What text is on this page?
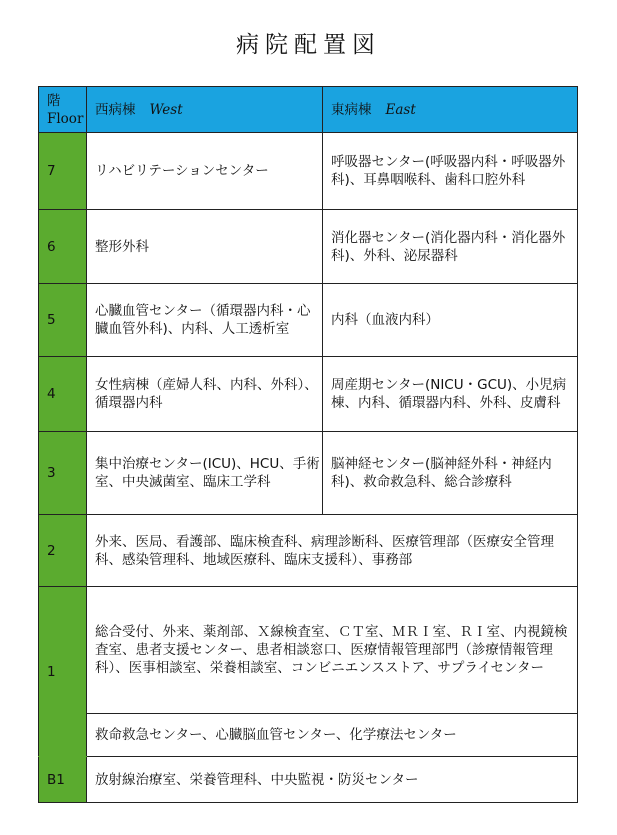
病院配置図
階
Floor	西病棟 West	東病棟 East
7	リハビリテーションセンター	呼吸器センター(呼吸器内科・呼吸器外科)、耳鼻咽喉科、歯科口腔外科
6	整形外科	消化器センター(消化器内科・消化器外科)、外科、泌尿器科
5	心臓血管センター（循環器内科・心臓血管外科)、内科、人工透析室	内科（血液内科）
4	女性病棟（産婦人科、内科、外科）、循環器内科	周産期センター(NICU・GCU)、小児病棟、内科、循環器内科、外科、皮膚科
3	集中治療センター(ICU)、HCU、手術室、中央滅菌室、臨床工学科	脳神経センター(脳神経外科・神経内科)、救命救急科、総合診療科
2	外来、医局、看護部、臨床検査科、病理診断科、医療管理部（医療安全管理科、感染管理科、地域医療科、臨床支援科）、事務部	
1	総合受付、外来、薬剤部、Ｘ線検査室、ＣＴ室、ＭＲＩ室、ＲＩ室、内視鏡検査室、患者支援センター、患者相談窓口、医療情報管理部門（診療情報管理科）、医事相談室、栄養相談室、コンビニエンスストア、サプライセンター	
	救命救急センター、心臓脳血管センター、化学療法センター	
B1	放射線治療室、栄養管理科、中央監視・防災センター	
